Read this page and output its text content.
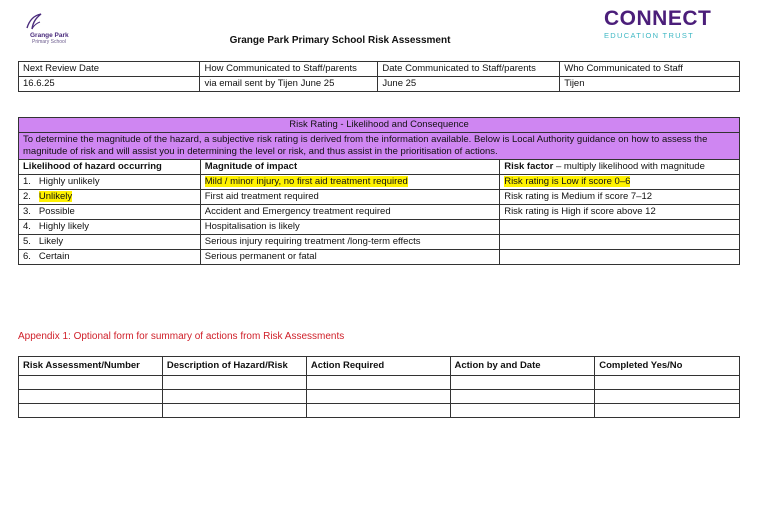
Grange Park
Primary School	Grange Park Primary School Risk Assessment
CONNECT
EDUCATION TRUST
Next Review Date	How Communicated to Staff/parents	Date Communicated to Staff/parents	Who Communicated to Staff
16.6.25	via email sent by Tijen June 25	June 25	Tijen
Risk Rating - Likelihood and Consequence		
To determine the magnitude of the hazard, a subjective risk rating is derived from the information available. Below is Local Authority guidance on how to assess the magnitude of risk and will assist you in determining the level or risk, and thus assist in the prioritisation of actions.		
Likelihood of hazard occurring	Magnitude of impact	Risk factor – multiply likelihood with magnitude
1. Highly unlikely	Mild / minor injury, no first aid treatment required	Risk rating is Low if score 0–6
2. Unlikely	First aid treatment required	Risk rating is Medium if score 7–12
3. Possible	Accident and Emergency treatment required	Risk rating is High if score above 12
4. Highly likely	Hospitalisation is likely	
5. Likely	Serious injury requiring treatment /long-term effects	
6. Certain	Serious permanent or fatal	
Appendix 1: Optional form for summary of actions from Risk Assessments
Risk Assessment/Number	Description of Hazard/Risk	Action Required	Action by and Date	Completed Yes/No
